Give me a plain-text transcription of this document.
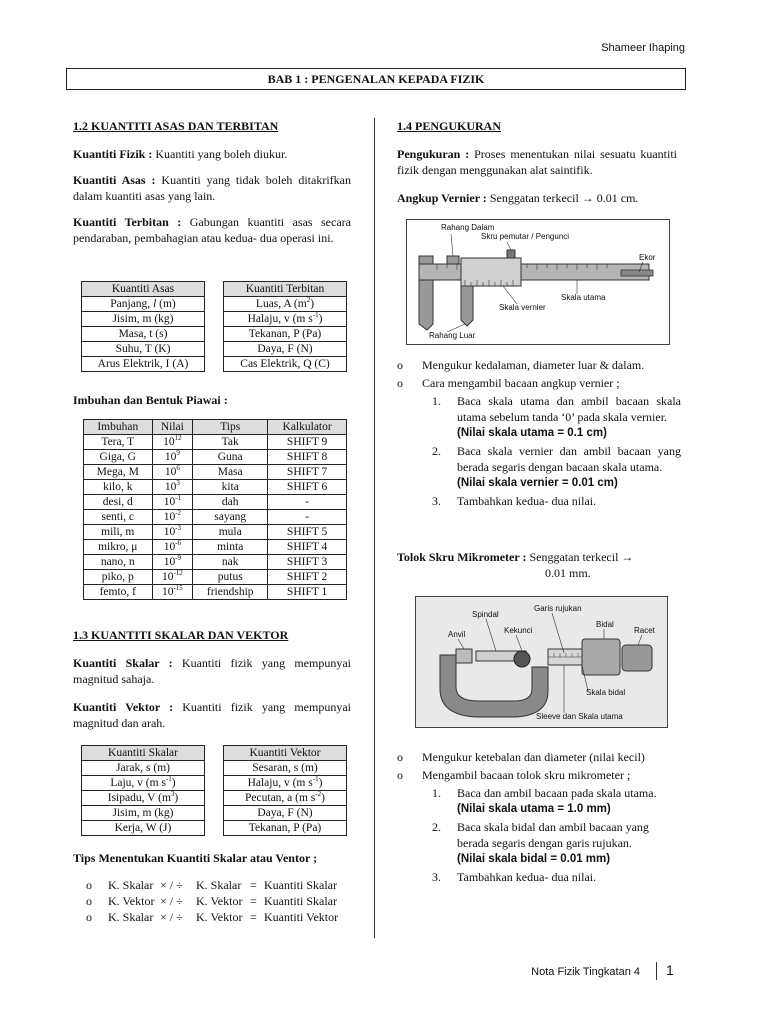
Shameer Ihaping
BAB 1 : PENGENALAN KEPADA FIZIK

1.2 KUANTITI ASAS DAN TERBITAN

Kuantiti Fizik : Kuantiti yang boleh diukur.

Kuantiti Asas : Kuantiti yang tidak boleh ditakrifkan dalam kuantiti asas yang lain.

Kuantiti Terbitan : Gabungan kuantiti asas secara pendaraban, pembahagian atau kedua- dua operasi ini.

Kuantiti Asas
Panjang, l (m)
Jisim, m (kg)
Masa, t (s)
Suhu, T (K)
Arus Elektrik, I (A)
Kuantiti Terbitan
Luas, A $(m^2)$
Halaju, v (m $s^{-1}$)
Tekanan, P (Pa)
Daya, F (N)
Cas Elektrik, Q (C)
Imbuhan dan Bentuk Piawai :
Imbuhan	Nilai	Tips	Kalkulator
Tera, T	$10^{12}$	Tak	SHIFT 9
Giga, G	$10^9$	Guna	SHIFT 8
Mega, M	$10^6$	Masa	SHIFT 7
kilo, k	$10^3$	kita	SHIFT 6
desi, d	$10^{-1}$	dah	-
senti, c	$10^{-2}$	sayang	-
mili, m	$10^{-3}$	mula	SHIFT 5
mikro, μ	$10^{-6}$	minta	SHIFT 4
nano, n	$10^{-9}$	nak	SHIFT 3
piko, p	$10^{-12}$	putus	SHIFT 2
femto, f	$10^{-15}$	friendship	SHIFT 1

1.3 KUANTITI SKALAR DAN VEKTOR

Kuantiti Skalar : Kuantiti fizik yang mempunyai magnitud sahaja.

Kuantiti Vektor : Kuantiti fizik yang mempunyai magnitud dan arah.

Kuantiti Skalar
Jarak, s (m)
Laju, v (m $s^{-1}$)
Isipadu, V $(m^3)$
Jisim, m (kg)
Kerja, W (J)
Kuantiti Vektor
Sesaran, s (m)
Halaju, v (m $s^{-1}$)
Pecutan, a (m $s^{-2}$)
Daya, F (N)
Tekanan, P (Pa)
Tips Menentukan Kuantiti Skalar atau Ventor ;
o K. Skalar × / ÷ K. Skalar = Kuantiti Skalar
o K. Vektor × / ÷ K. Vektor = Kuantiti Skalar
o K. Skalar × / ÷ K. Vektor = Kuantiti Vektor

1.4 PENGUKURAN

Pengukuran : Proses menentukan nilai sesuatu kuantiti fizik dengan menggunakan alat saintifik.

Angkup Vernier : Senggatan terkecil → 0.01 cm.

Rahang Dalam
Skru pemutar / Pengunci
Ekor
Skala vernier
Skala utama
Rahang Luar
o Mengukur kedalaman, diameter luar & dalam.
o Cara mengambil bacaan angkup vernier ;
1. Baca skala utama dan ambil bacaan skala utama sebelum tanda ‘0’ pada skala vernier.
(Nilai skala utama = 0.1 cm)
2. Baca skala vernier dan ambil bacaan yang berada segaris dengan bacaan skala utama.
(Nilai skala vernier = 0.01 cm)
3. Tambahkan kedua- dua nilai.
Tolok Skru Mikrometer : Senggatan terkecil →
0.01 mm.
Spindal
Garis rujukan
Anvil	Kekunci
Bidal
Racet
Skala bidal
Sleeve dan Skala utama
o Mengukur ketebalan dan diameter (nilai kecil)
o Mengambil bacaan tolok skru mikrometer ;
1. Baca dan ambil bacaan pada skala utama.
(Nilai skala utama = 1.0 mm)
2. Baca skala bidal dan ambil bacaan yang berada segaris dengan garis rujukan.
(Nilai skala bidal = 0.01 mm)
3. Tambahkan kedua- dua nilai.
Nota Fizik Tingkatan 4 1
